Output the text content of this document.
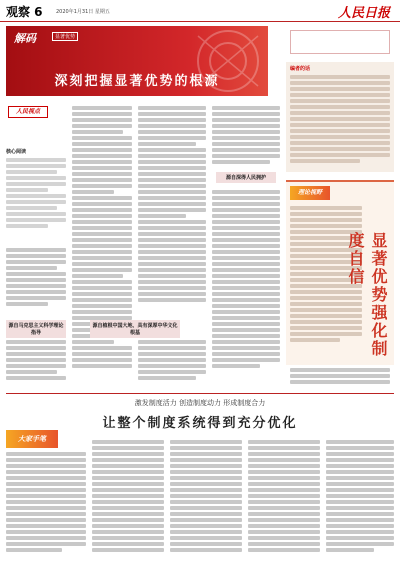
观察 6	2020年1月31日 星期五	人民日报
解码	显著优势
深刻把握显著优势的根源
人民视点
核心阅读
源自马克思主义科学理论指导
源自植根中国大地、具有深厚中华文化根基
源自深得人民拥护
编者的话
理论视野
显著优势强化制度自信
激发制度活力 创造制度动力 形成制度合力
让整个制度系统得到充分优化
大家手笔
